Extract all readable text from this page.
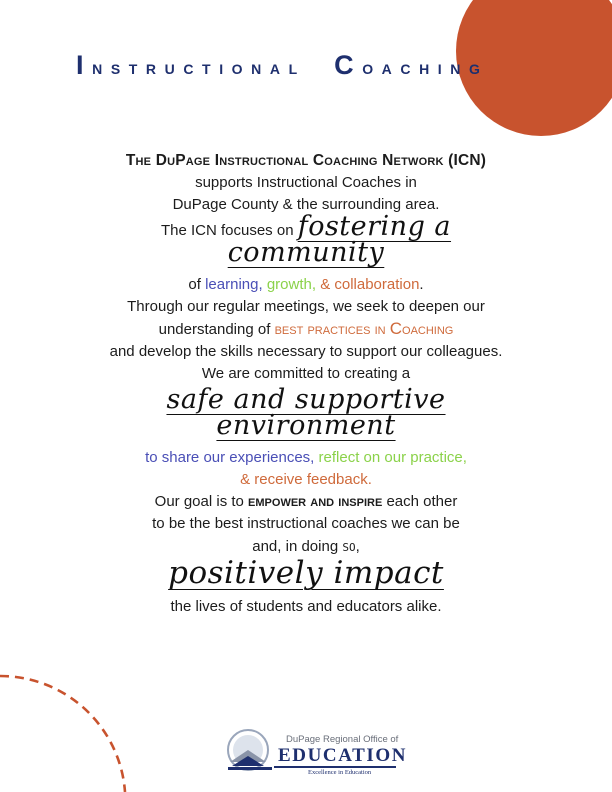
Instructional Coaching

The DuPage Instructional Coaching Network (ICN)

supports Instructional Coaches in

DuPage County & the surrounding area.

The ICN focuses on fostering a community

of learning, growth, & collaboration.

Through our regular meetings, we seek to deepen our

understanding of best practices in Coaching

and develop the skills necessary to support our colleagues.

We are committed to creating a

safe and supportive environment

to share our experiences, reflect on our practice,

& receive feedback.

Our goal is to empower and inspire each other

to be the best instructional coaches we can be

and, in doing so,

positively impact

the lives of students and educators alike.

DuPage Regional Office of
EDUCATION
Excellence in Education
